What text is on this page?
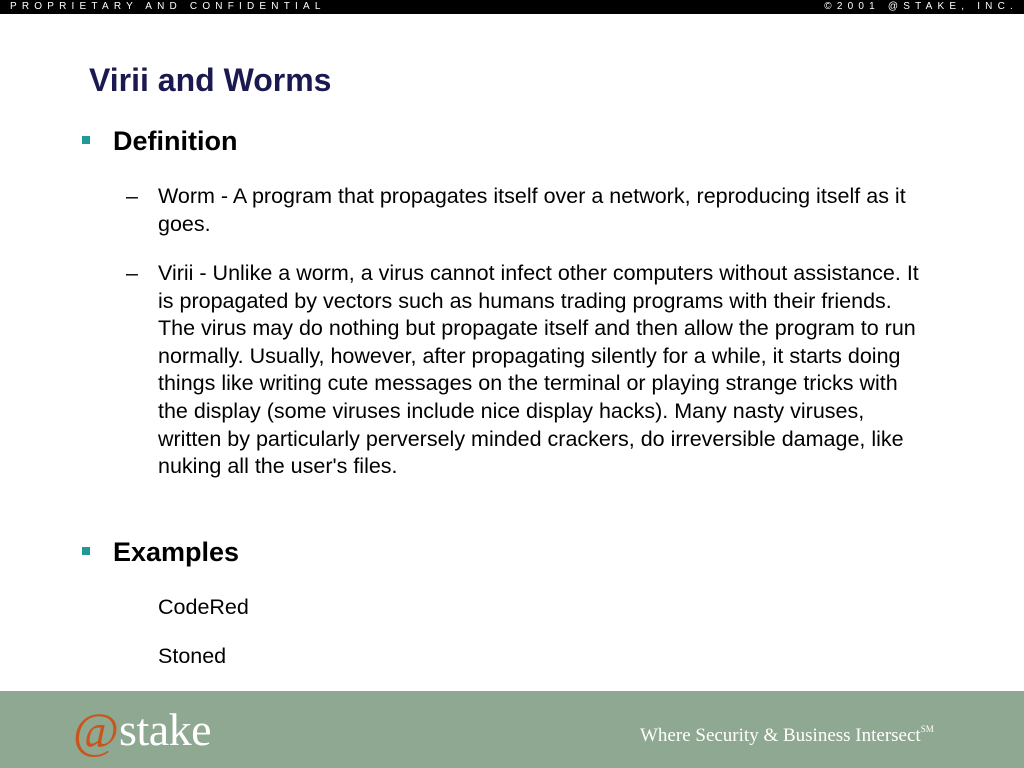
PROPRIETARY AND CONFIDENTIAL	©2001 @STAKE, INC.
Virii and Worms
Definition
– Worm - A program that propagates itself over a network, reproducing itself as it goes.
– Virii - Unlike a worm, a virus cannot infect other computers without assistance. It is propagated by vectors such as humans trading programs with their friends. The virus may do nothing but propagate itself and then allow the program to run normally. Usually, however, after propagating silently for a while, it starts doing things like writing cute messages on the terminal or playing strange tricks with the display (some viruses include nice display hacks). Many nasty viruses, written by particularly perversely minded crackers, do irreversible damage, like nuking all the user's files.
Examples
CodeRed
Stoned
@stake	Where Security & Business Intersect℠
